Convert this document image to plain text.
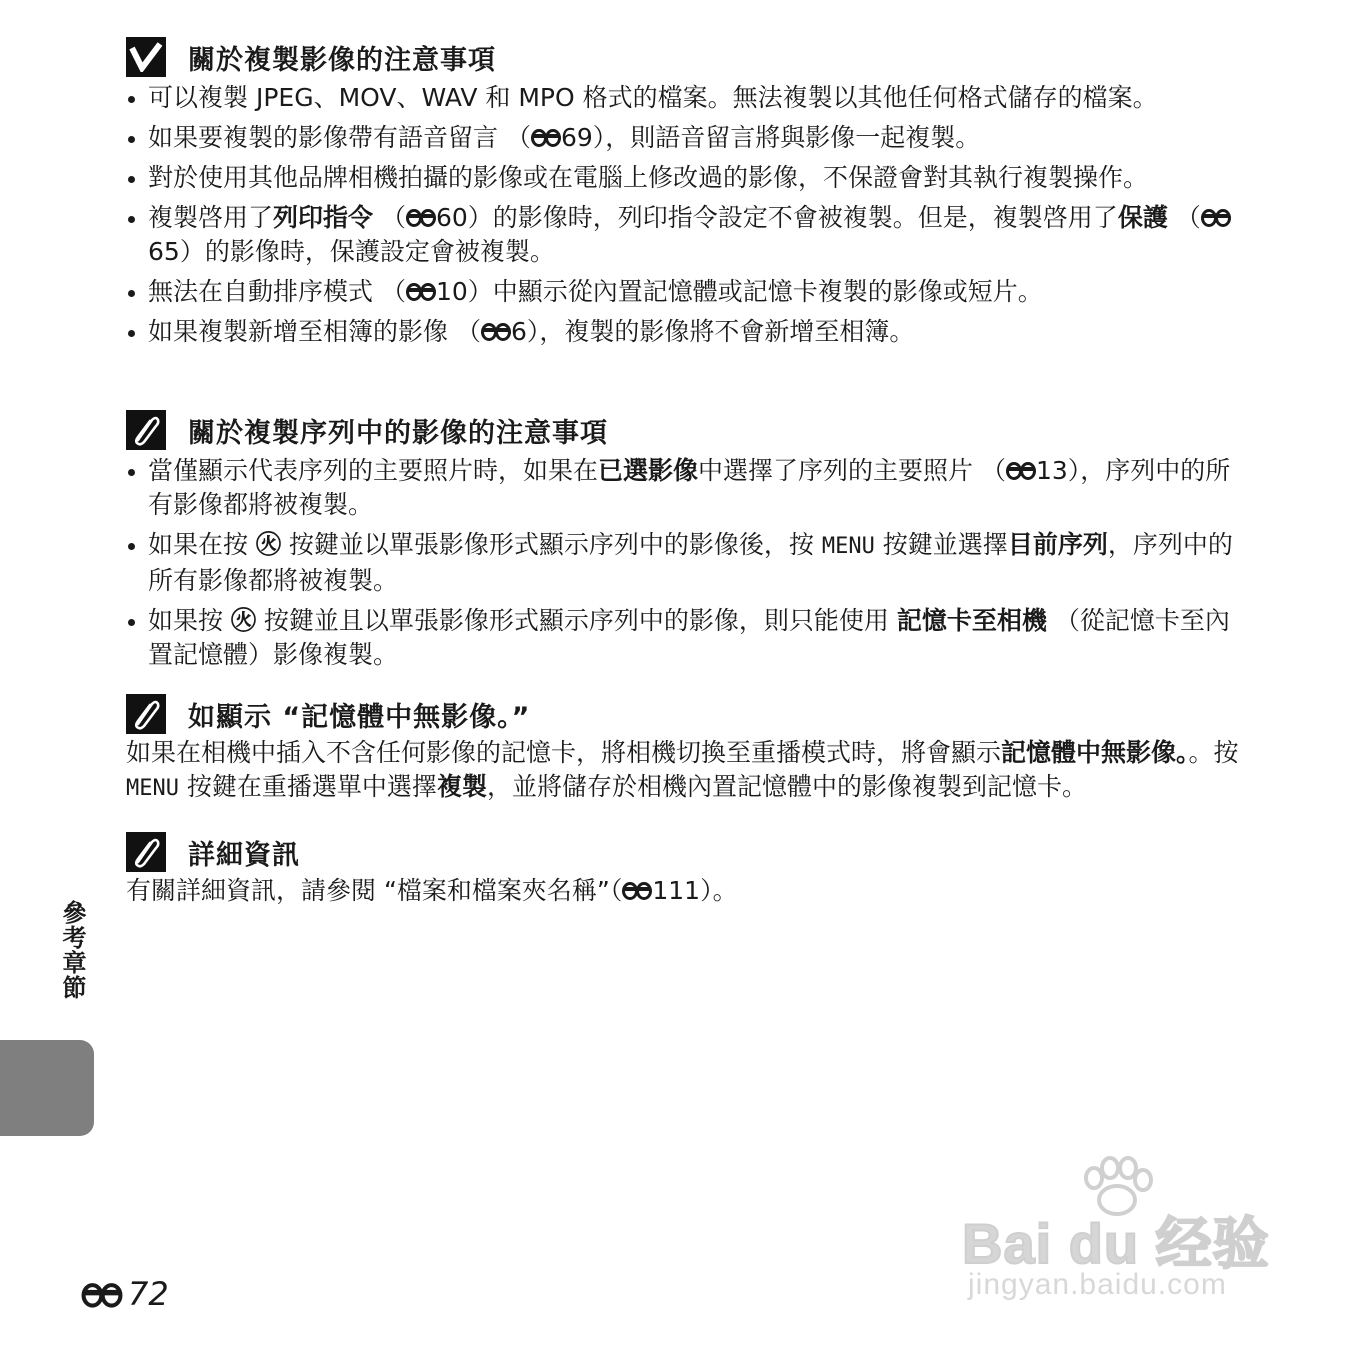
關於複製影像的注意事項
可以複製 JPEG、MOV、WAV 和 MPO 格式的檔案。無法複製以其他任何格式儲存的檔案。
如果要複製的影像帶有語音留言 （ 69），則語音留言將與影像一起複製。
對於使用其他品牌相機拍攝的影像或在電腦上修改過的影像，不保證會對其執行複製操作。
複製啓用了列印指令 （ 60）的影像時，列印指令設定不會被複製。但是，複製啓用了保護 （65）的影像時，保護設定會被複製。
無法在自動排序模式 （ 10）中顯示從內置記憶體或記憶卡複製的影像或短片。
如果複製新增至相簿的影像 （ 6），複製的影像將不會新增至相簿。
關於複製序列中的影像的注意事項
當僅顯示代表序列的主要照片時，如果在已選影像中選擇了序列的主要照片 （ 13），序列中的所有影像都將被複製。
如果在按 ㊋ 按鍵並以單張影像形式顯示序列中的影像後，按 MENU 按鍵並選擇目前序列，序列中的所有影像都將被複製。
如果按 ㊋ 按鍵並且以單張影像形式顯示序列中的影像，則只能使用 記憶卡至相機 （從記憶卡至內置記憶體）影像複製。
如顯示 “記憶體中無影像。”
如果在相機中插入不含任何影像的記憶卡，將相機切換至重播模式時，將會顯示記憶體中無影像。。按 MENU 按鍵在重播選單中選擇複製，並將儲存於相機內置記憶體中的影像複製到記憶卡。
詳細資訊
有關詳細資訊，請參閱 “檔案和檔案夾名稱”（ 111）。
參考章節
72
Bai du 经验
jingyan.baidu.com
